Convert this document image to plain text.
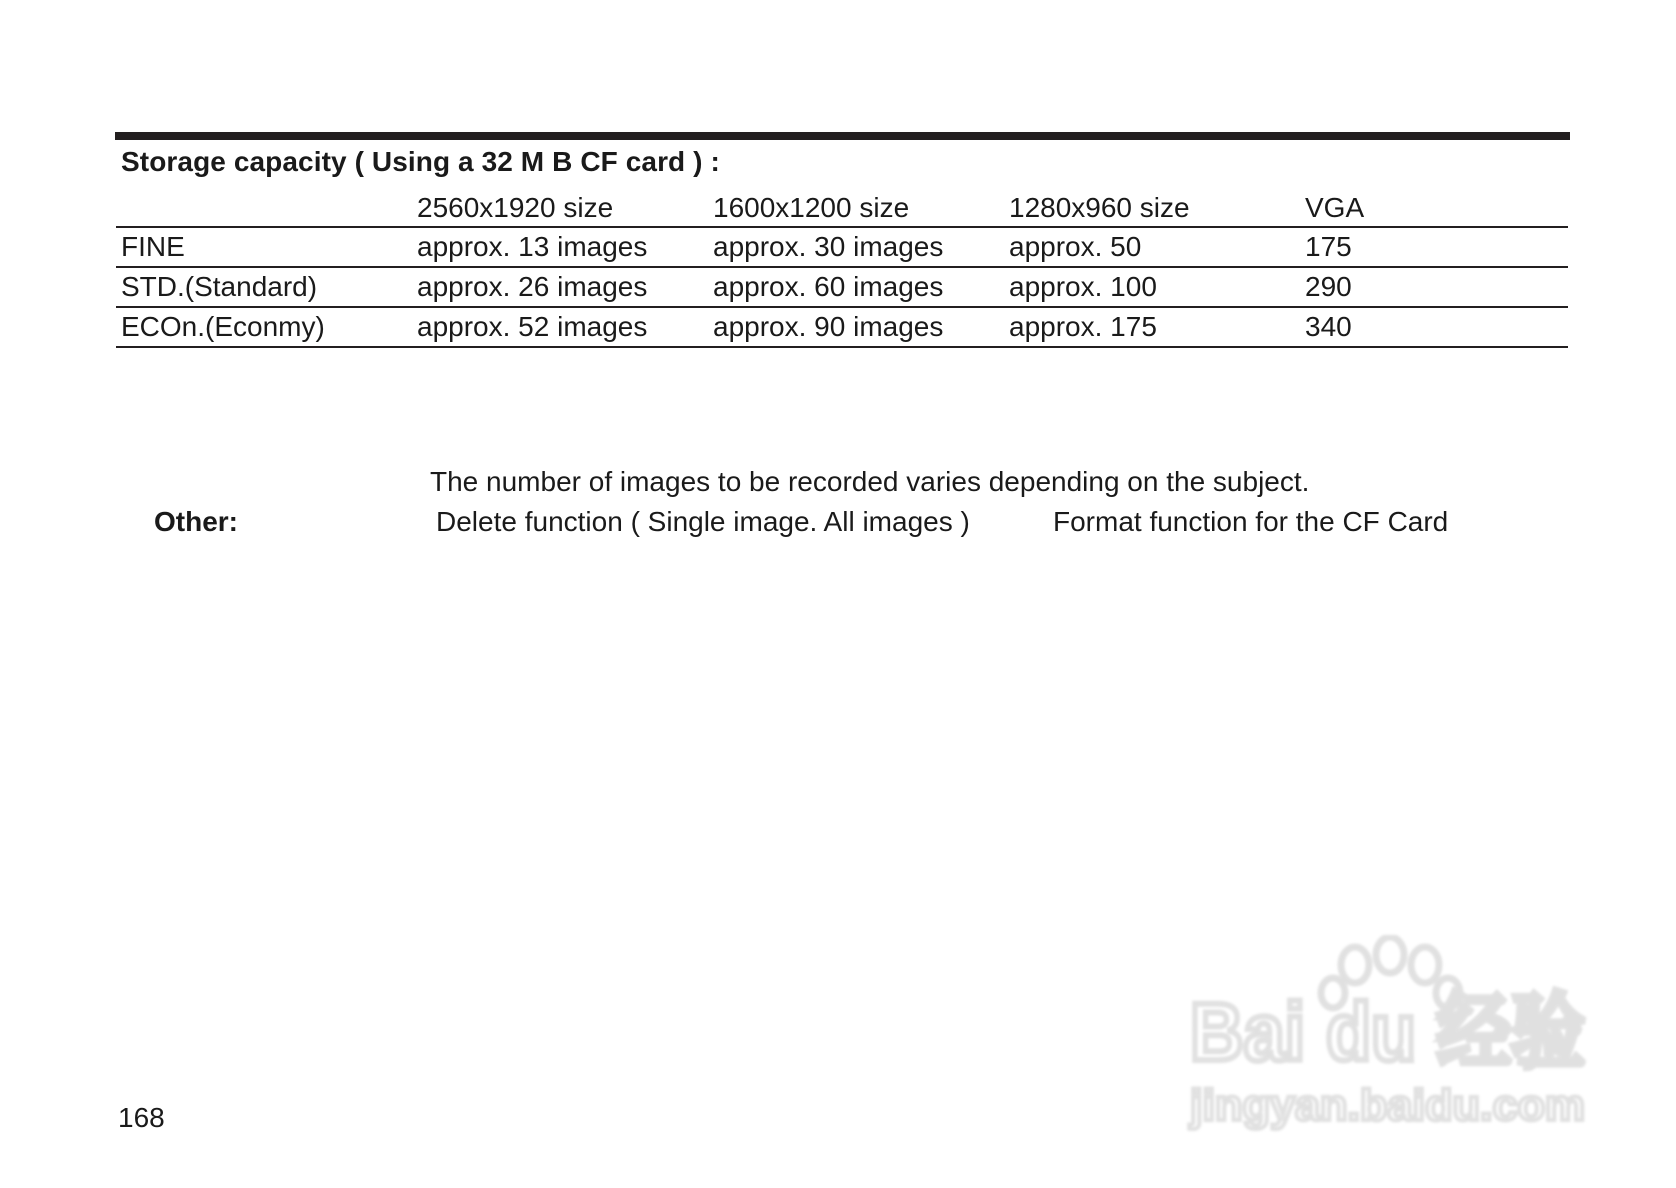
Storage capacity ( Using a 32 M B CF card ) :
	2560x1920 size	1600x1200 size	1280x960 size	VGA
FINE	approx. 13 images	approx. 30 images	approx. 50	175
STD.(Standard)	approx. 26 images	approx. 60 images	approx. 100	290
ECOn.(Econmy)	approx. 52 images	approx. 90 images	approx. 175	340
The number of images to be recorded varies depending on the subject.
Other:	Delete function ( Single image. All images )	Format function for the CF Card
168
Bai du 经验
jingyan.baidu.com
